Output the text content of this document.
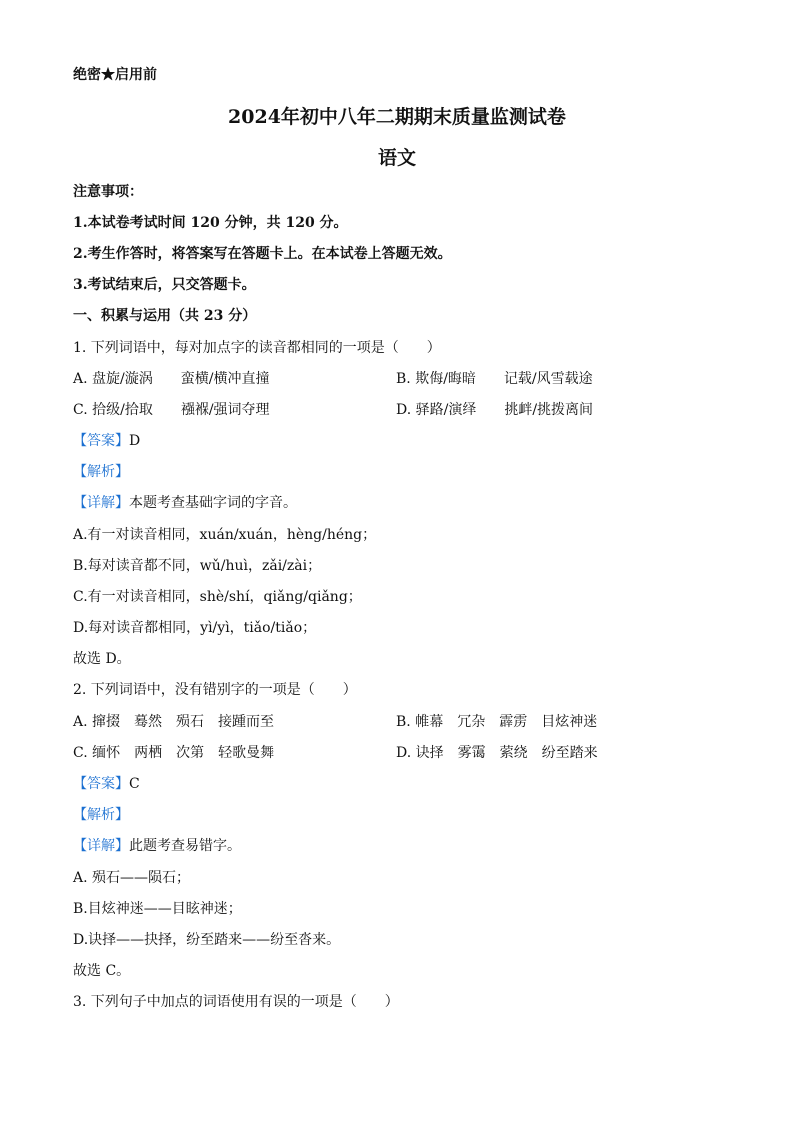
绝密★启用前
2024年初中八年二期期末质量监测试卷
语文
注意事项：
1.本试卷考试时间 120 分钟，共 120 分。
2.考生作答时，将答案写在答题卡上。在本试卷上答题无效。
3.考试结束后，只交答题卡。
一、积累与运用（共 23 分）
1. 下列词语中，每对加点字的读音都相同的一项是（　　）
A. 盘旋/漩涡　　蛮横/横冲直撞	B. 欺侮/晦暗　　记载/风雪载途
C. 拾级/拾取　　襁褓/强词夺理	D. 驿路/演绎　　挑衅/挑拨离间
【答案】D
【解析】
【详解】本题考查基础字词的字音。
A.有一对读音相同，xuán/xuán，hèng/héng；
B.每对读音都不同，wǔ/huì，zǎi/zài；
C.有一对读音相同，shè/shí，qiǎng/qiǎng；
D.每对读音都相同，yì/yì，tiǎo/tiǎo；
故选 D。
2. 下列词语中，没有错别字的一项是（　　）
A. 撺掇　蓦然　殒石　接踵而至	B. 帷幕　冗杂　霹雳　目炫神迷
C. 缅怀　两栖　次第　轻歌曼舞	D. 诀择　雾霭　萦绕　纷至踏来
【答案】C
【解析】
【详解】此题考查易错字。
A. 殒石——陨石；
B.目炫神迷——目眩神迷；
D.诀择——抉择，纷至踏来——纷至沓来。
故选 C。
3. 下列句子中加点的词语使用有误的一项是（　　）
